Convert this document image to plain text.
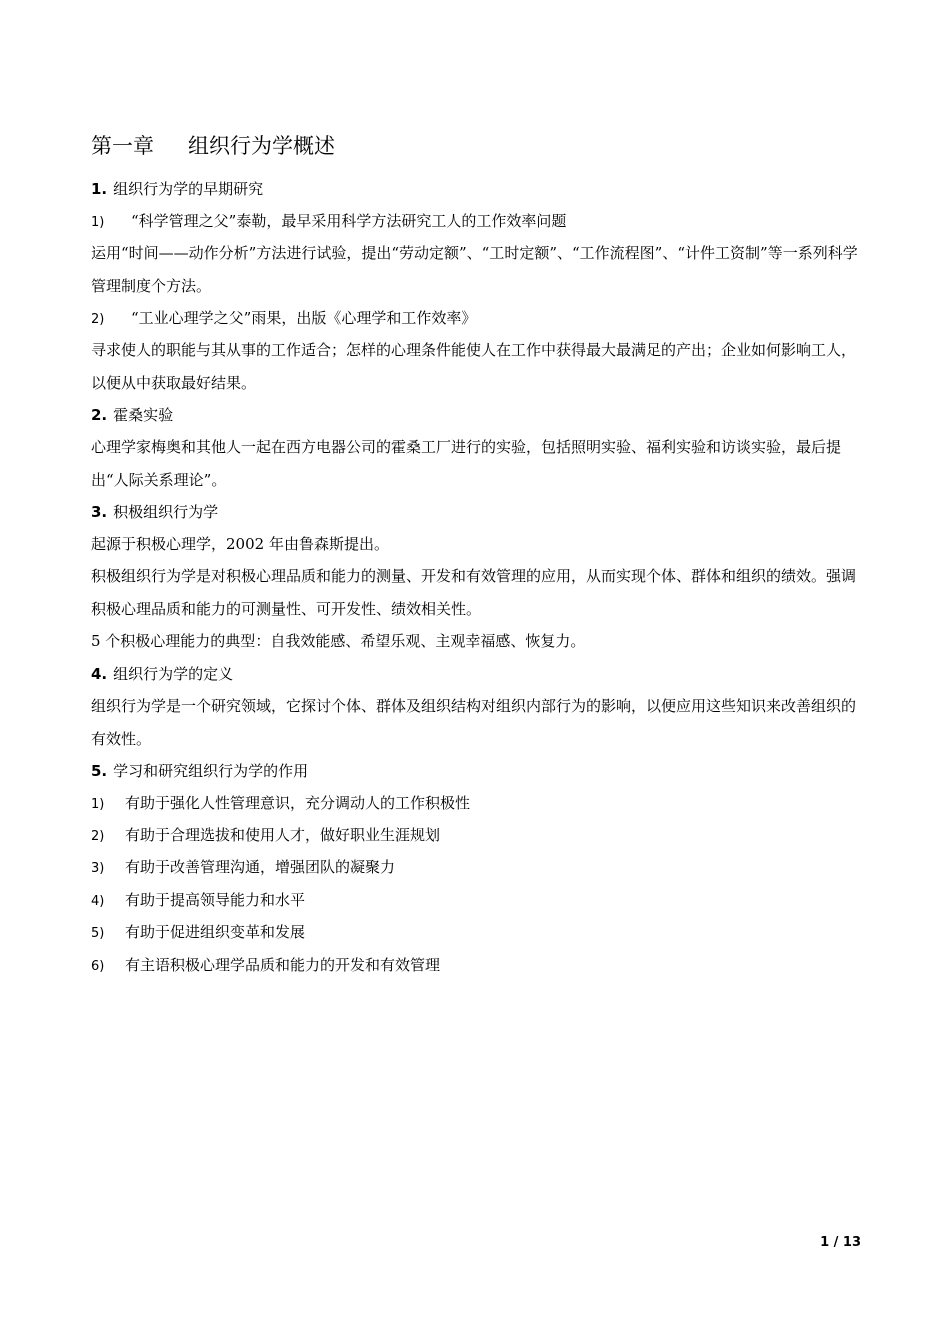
第一章 组织行为学概述
1. 组织行为学的早期研究
1) “科学管理之父”泰勒，最早采用科学方法研究工人的工作效率问题
运用“时间——动作分析”方法进行试验，提出“劳动定额”、“工时定额”、“工作流程图”、“计件工资制”等一系列科学管理制度个方法。
2) “工业心理学之父”雨果，出版《心理学和工作效率》
寻求使人的职能与其从事的工作适合；怎样的心理条件能使人在工作中获得最大最满足的产出；企业如何影响工人，以便从中获取最好结果。
2. 霍桑实验
心理学家梅奥和其他人一起在西方电器公司的霍桑工厂进行的实验，包括照明实验、福利实验和访谈实验，最后提出“人际关系理论”。
3. 积极组织行为学
起源于积极心理学，2002 年由鲁森斯提出。
积极组织行为学是对积极心理品质和能力的测量、开发和有效管理的应用，从而实现个体、群体和组织的绩效。强调积极心理品质和能力的可测量性、可开发性、绩效相关性。
5 个积极心理能力的典型：自我效能感、希望乐观、主观幸福感、恢复力。
4. 组织行为学的定义
组织行为学是一个研究领域，它探讨个体、群体及组织结构对组织内部行为的影响，以便应用这些知识来改善组织的有效性。
5. 学习和研究组织行为学的作用
1) 有助于强化人性管理意识，充分调动人的工作积极性
2) 有助于合理选拔和使用人才，做好职业生涯规划
3) 有助于改善管理沟通，增强团队的凝聚力
4) 有助于提高领导能力和水平
5) 有助于促进组织变革和发展
6) 有主语积极心理学品质和能力的开发和有效管理
1 / 13
